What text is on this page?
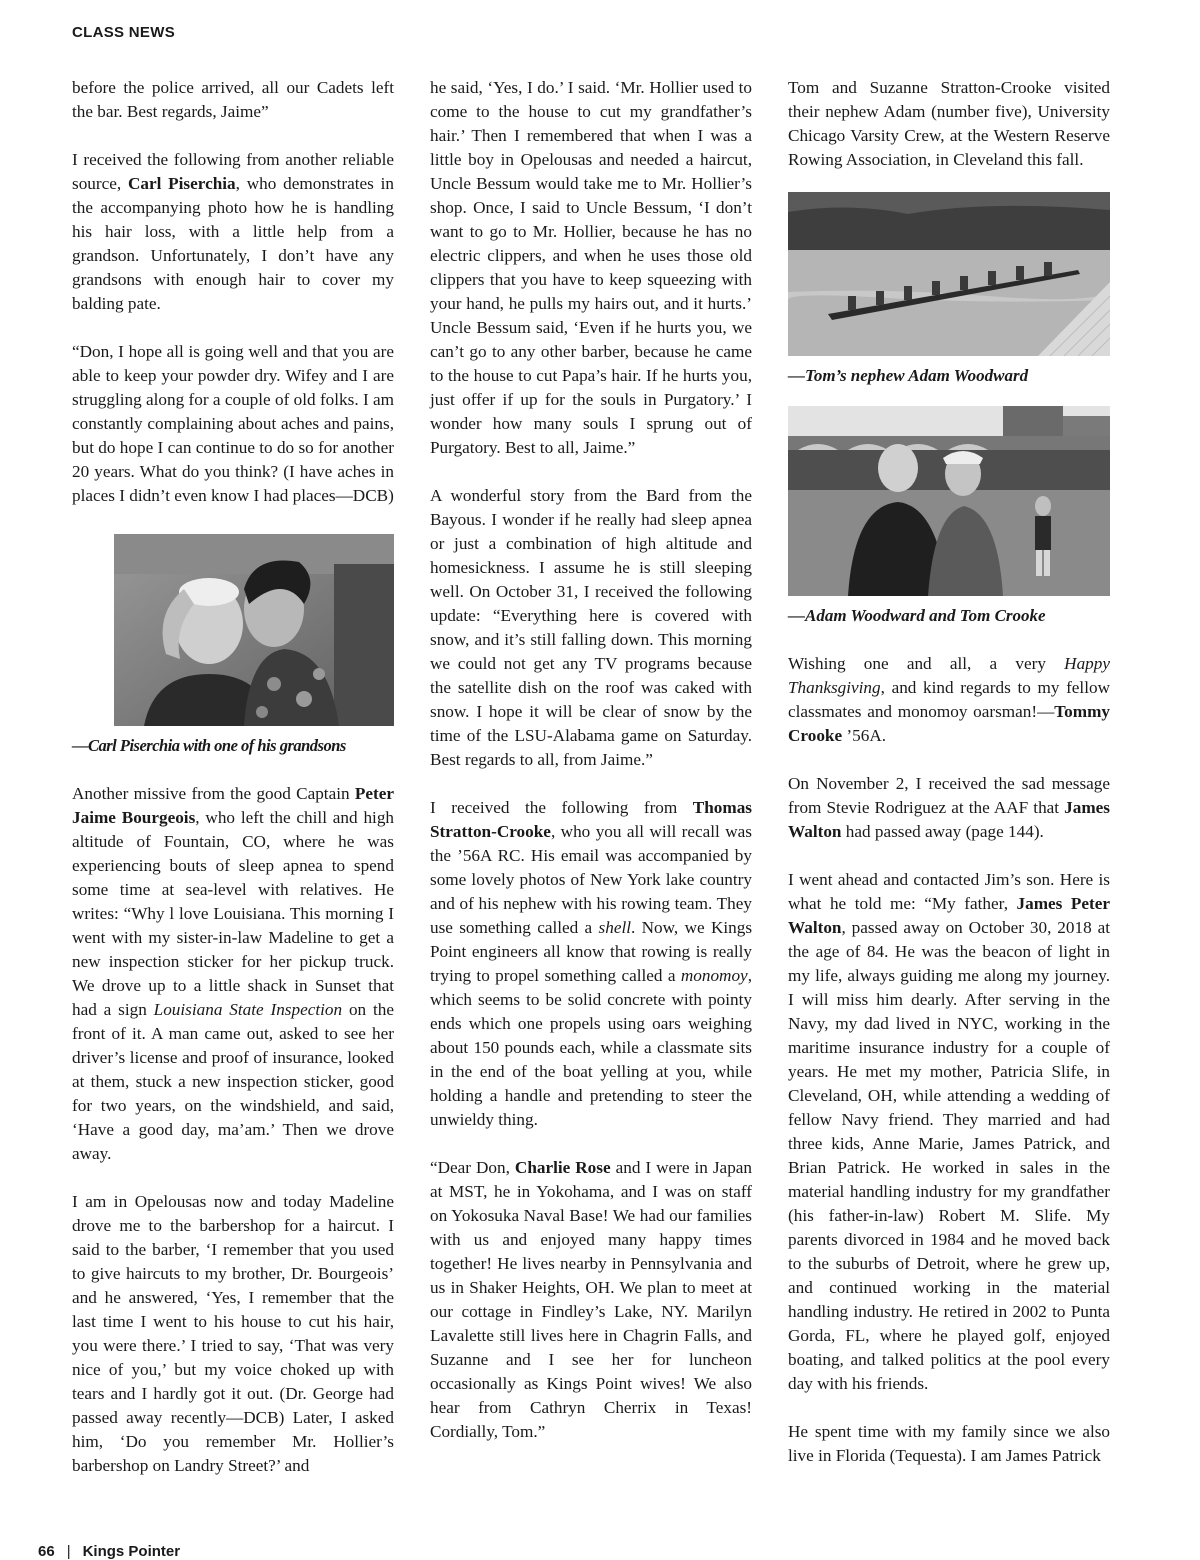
CLASS NEWS

before the police arrived, all our Cadets left the bar. Best regards, Jaime”

I received the following from another reliable source, Carl Piserchia, who demonstrates in the accompanying photo how he is handling his hair loss, with a little help from a grandson. Unfortunately, I don’t have any grandsons with enough hair to cover my balding pate.

“Don, I hope all is going well and that you are able to keep your powder dry. Wifey and I are struggling along for a couple of old folks. I am constantly complaining about aches and pains, but do hope I can continue to do so for another 20 years. What do you think? (I have aches in places I didn’t even know I had places—DCB)

—Carl Piserchia with one of his grandsons

Another missive from the good Captain Peter Jaime Bourgeois, who left the chill and high altitude of Fountain, CO, where he was experiencing bouts of sleep apnea to spend some time at sea-level with relatives. He writes: “Why l love Louisiana. This morning I went with my sister-in-law Madeline to get a new inspection sticker for her pickup truck. We drove up to a little shack in Sunset that had a sign Louisiana State Inspection on the front of it. A man came out, asked to see her driver’s license and proof of insurance, looked at them, stuck a new inspection sticker, good for two years, on the windshield, and said, ‘Have a good day, ma’am.’ Then we drove away.

I am in Opelousas now and today Madeline drove me to the barbershop for a haircut. I said to the barber, ‘I remember that you used to give haircuts to my brother, Dr. Bourgeois’ and he answered, ‘Yes, I remember that the last time I went to his house to cut his hair, you were there.’ I tried to say, ‘That was very nice of you,’ but my voice choked up with tears and I hardly got it out. (Dr. George had passed away recently—DCB) Later, I asked him, ‘Do you remember Mr. Hollier’s barbershop on Landry Street?’ and

he said, ‘Yes, I do.’ I said. ‘Mr. Hollier used to come to the house to cut my grandfather’s hair.’ Then I remembered that when I was a little boy in Opelousas and needed a haircut, Uncle Bessum would take me to Mr. Hollier’s shop. Once, I said to Uncle Bessum, ‘I don’t want to go to Mr. Hollier, because he has no electric clippers, and when he uses those old clippers that you have to keep squeezing with your hand, he pulls my hairs out, and it hurts.’ Uncle Bessum said, ‘Even if he hurts you, we can’t go to any other barber, because he came to the house to cut Papa’s hair. If he hurts you, just offer if up for the souls in Purgatory.’ I wonder how many souls I sprung out of Purgatory. Best to all, Jaime.”

A wonderful story from the Bard from the Bayous. I wonder if he really had sleep apnea or just a combination of high altitude and homesickness. I assume he is still sleeping well. On October 31, I received the following update: “Everything here is covered with snow, and it’s still falling down. This morning we could not get any TV programs because the satellite dish on the roof was caked with snow. I hope it will be clear of snow by the time of the LSU-Alabama game on Saturday. Best regards to all, from Jaime.”

I received the following from Thomas Stratton-Crooke, who you all will recall was the ’56A RC. His email was accompanied by some lovely photos of New York lake country and of his nephew with his rowing team. They use something called a shell. Now, we Kings Point engineers all know that rowing is really trying to propel something called a monomoy, which seems to be solid concrete with pointy ends which one propels using oars weighing about 150 pounds each, while a classmate sits in the end of the boat yelling at you, while holding a handle and pretending to steer the unwieldy thing.

“Dear Don, Charlie Rose and I were in Japan at MST, he in Yokohama, and I was on staff on Yokosuka Naval Base! We had our families with us and enjoyed many happy times together! He lives nearby in Pennsylvania and us in Shaker Heights, OH. We plan to meet at our cottage in Findley’s Lake, NY. Marilyn Lavalette still lives here in Chagrin Falls, and Suzanne and I see her for luncheon occasionally as Kings Point wives! We also hear from Cathryn Cherrix in Texas! Cordially, Tom.”

Tom and Suzanne Stratton-Crooke visited their nephew Adam (number five), University Chicago Varsity Crew, at the Western Reserve Rowing Association, in Cleveland this fall.

—Tom’s nephew Adam Woodward
—Adam Woodward and Tom Crooke

Wishing one and all, a very Happy Thanksgiving, and kind regards to my fellow classmates and monomoy oarsman!—Tommy Crooke ’56A.

On November 2, I received the sad message from Stevie Rodriguez at the AAF that James Walton had passed away (page 144).

I went ahead and contacted Jim’s son. Here is what he told me: “My father, James Peter Walton, passed away on October 30, 2018 at the age of 84. He was the beacon of light in my life, always guiding me along my journey. I will miss him dearly. After serving in the Navy, my dad lived in NYC, working in the maritime insurance industry for a couple of years. He met my mother, Patricia Slife, in Cleveland, OH, while attending a wedding of fellow Navy friend. They married and had three kids, Anne Marie, James Patrick, and Brian Patrick. He worked in sales in the material handling industry for my grandfather (his father-in-law) Robert M. Slife. My parents divorced in 1984 and he moved back to the suburbs of Detroit, where he grew up, and continued working in the material handling industry. He retired in 2002 to Punta Gorda, FL, where he played golf, enjoyed boating, and talked politics at the pool every day with his friends.

He spent time with my family since we also live in Florida (Tequesta). I am James Patrick

66 | Kings Pointer
